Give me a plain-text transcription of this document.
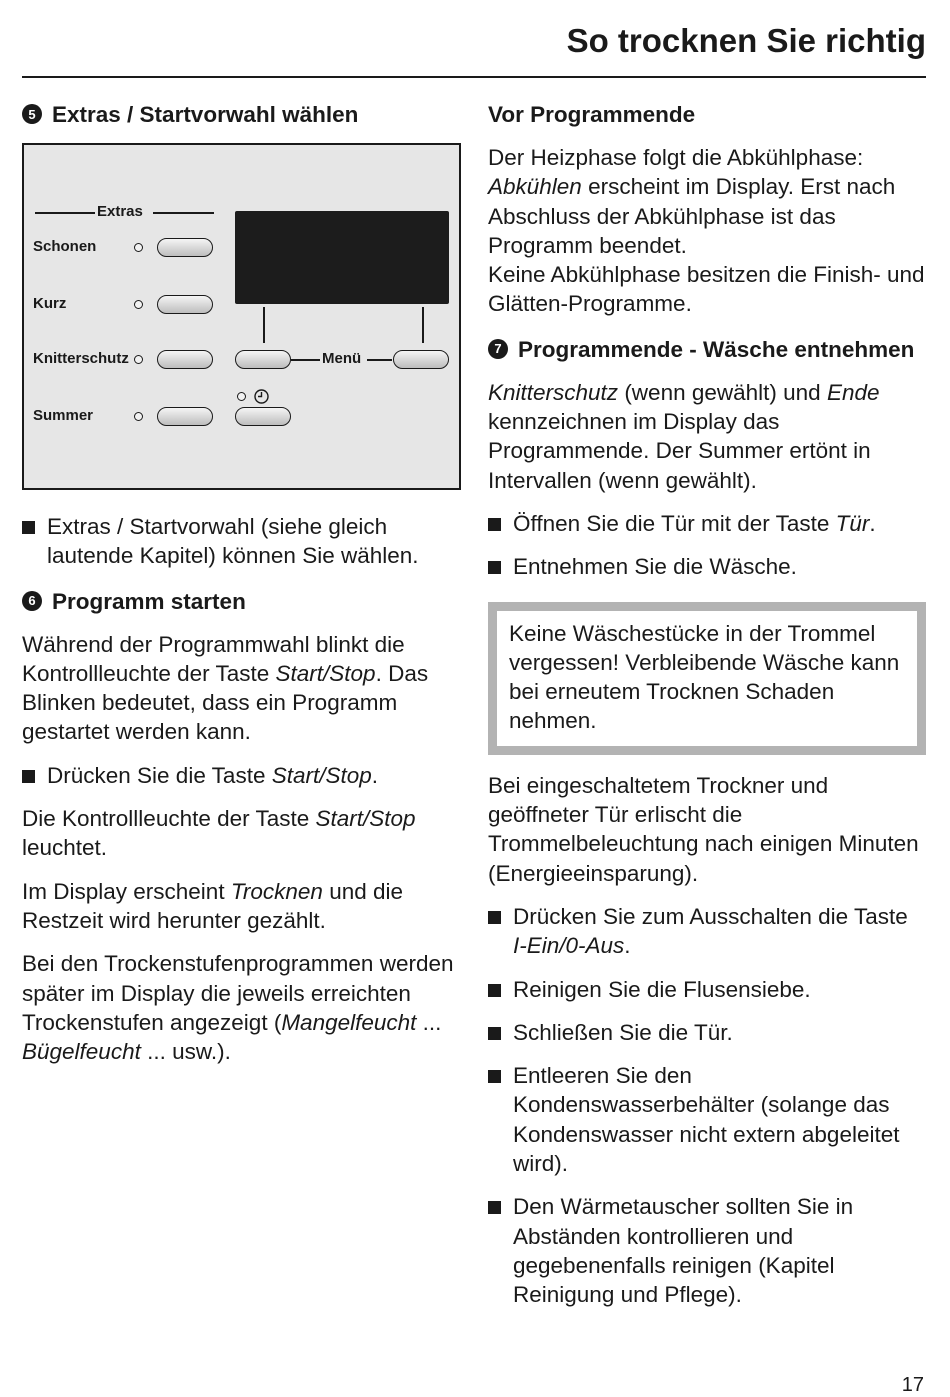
So trocknen Sie richtig
5 Extras / Startvorwahl wählen
Extras
Schonen
Kurz
Knitterschutz
Summer
Menü
Extras / Startvorwahl (siehe gleich lautende Kapitel) können Sie wählen.
6 Programm starten
Während der Programmwahl blinkt die Kontrollleuchte der Taste Start/Stop. Das Blinken bedeutet, dass ein Programm gestartet werden kann.
Drücken Sie die Taste Start/Stop.
Die Kontrollleuchte der Taste Start/Stop leuchtet.
Im Display erscheint Trocknen und die Restzeit wird herunter gezählt.
Bei den Trockenstufenprogrammen werden später im Display die jeweils erreichten Trockenstufen angezeigt (Mangelfeucht ... Bügelfeucht ... usw.).
Vor Programmende
Der Heizphase folgt die Abkühlphase: Abkühlen erscheint im Display. Erst nach Abschluss der Abkühlphase ist das Programm beendet.
Keine Abkühlphase besitzen die Finish- und Glätten-Programme.
7 Programmende - Wäsche entnehmen
Knitterschutz (wenn gewählt) und Ende kennzeichnen im Display das Programmende. Der Summer ertönt in Intervallen (wenn gewählt).
Öffnen Sie die Tür mit der Taste Tür.
Entnehmen Sie die Wäsche.
Keine Wäschestücke in der Trommel vergessen! Verbleibende Wäsche kann bei erneutem Trocknen Schaden nehmen.
Bei eingeschaltetem Trockner und geöffneter Tür erlischt die Trommelbeleuchtung nach einigen Minuten (Energieeinsparung).
Drücken Sie zum Ausschalten die Taste I-Ein/0-Aus.
Reinigen Sie die Flusensiebe.
Schließen Sie die Tür.
Entleeren Sie den Kondenswasserbehälter (solange das Kondenswasser nicht extern abgeleitet wird).
Den Wärmetauscher sollten Sie in Abständen kontrollieren und gegebenenfalls reinigen (Kapitel Reinigung und Pflege).
17
